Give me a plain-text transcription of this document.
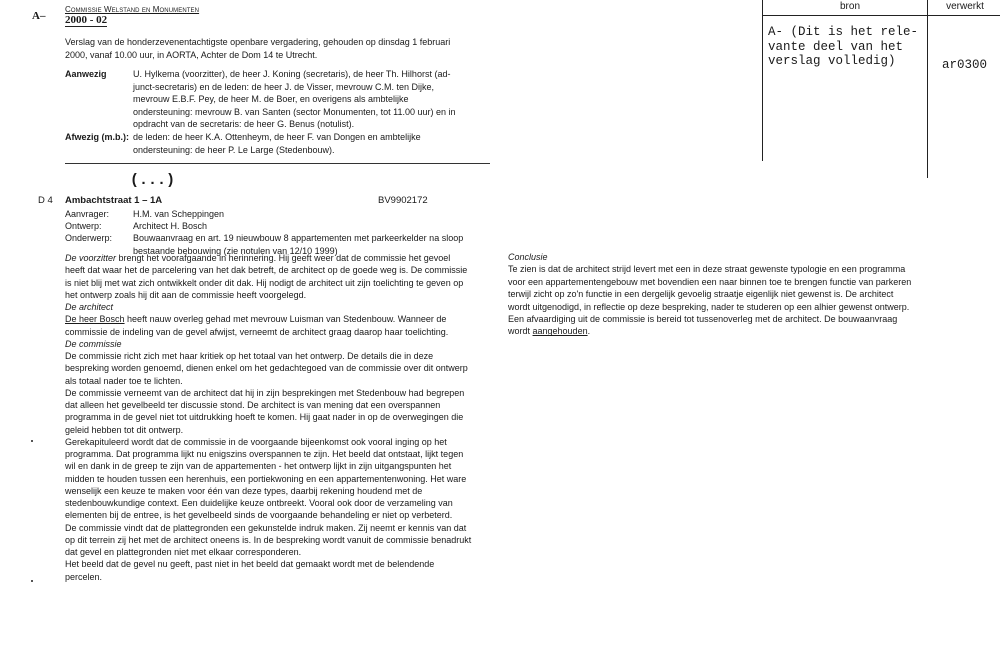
A–
Commissie Welstand en Monumenten
2000 - 02
Verslag van de honderzevenentachtigste openbare vergadering, gehouden op dinsdag 1 februari
2000, vanaf 10.00 uur, in AORTA, Achter de Dom 14 te Utrecht.
Aanwezig	U. Hylkema (voorzitter), de heer J. Koning (secretaris), de heer Th. Hilhorst (ad-
junct-secretaris) en de leden: de heer J. de Visser, mevrouw C.M. ten Dijke,
mevrouw E.B.F. Pey, de heer M. de Boer, en overigens als ambtelijke
ondersteuning: mevrouw B. van Santen (sector Monumenten, tot 11.00 uur) en in
opdracht van de secretaris: de heer G. Benus (notulist).
Afwezig (m.b.): de leden: de heer K.A. Ottenheym, de heer F. van Dongen en ambtelijke
ondersteuning: de heer P. Le Large (Stedenbouw).
(...)
D 4 Ambachtstraat 1 – 1A	BV9902172
Aanvrager:	H.M. van Scheppingen
Ontwerp:	Architect H. Bosch
Onderwerp: Bouwaanvraag en art. 19 nieuwbouw 8 appartementen met parkeerkelder na sloop
bestaande bebouwing (zie notulen van 12/10 1999)
De voorzitter brengt het voorafgaande in herinnering. Hij geeft weer dat de commissie het gevoel
heeft dat waar het de parcelering van het dak betreft, de architect op de goede weg is. De commissie
is niet blij met wat zich ontwikkelt onder dit dak. Hij nodigt de architect uit zijn toelichting te geven op
het ontwerp zoals hij dit aan de commissie heeft voorgelegd.
De architect
De heer Bosch heeft nauw overleg gehad met mevrouw Luisman van Stedenbouw. Wanneer de
commissie de indeling van de gevel afwijst, verneemt de architect graag daarop haar toelichting.
De commissie
De commissie richt zich met haar kritiek op het totaal van het ontwerp. De details die in deze
bespreking worden genoemd, dienen enkel om het gedachtegoed van de commissie over dit ontwerp
als totaal nader toe te lichten.
De commissie verneemt van de architect dat hij in zijn besprekingen met Stedenbouw had begrepen
dat alleen het gevelbeeld ter discussie stond. De architect is van mening dat een overspannen
programma in de gevel niet tot uitdrukking hoeft te komen. Hij gaat nader in op de overwegingen die
geleid hebben tot dit ontwerp.
Gerekapituleerd wordt dat de commissie in de voorgaande bijeenkomst ook vooral inging op het
programma. Dat programma lijkt nu enigszins overspannen te zijn. Het beeld dat ontstaat, lijkt tegen
wil en dank in de greep te zijn van de appartementen - het ontwerp lijkt in zijn uitgangspunten het
midden te houden tussen een herenhuis, een portiekwoning en een appartementenwoning. Het ware
wenselijk een keuze te maken voor één van deze types, daarbij rekening houdend met de
stedenbouwkundige context. Een duidelijke keuze ontbreekt. Vooral ook door de verzameling van
elementen bij de entree, is het gevelbeeld sinds de voorgaande behandeling er niet op verbeterd.
De commissie vindt dat de plattegronden een gekunstelde indruk maken. Zij neemt er kennis van dat
op dit terrein zij het met de architect oneens is. In de bespreking wordt vanuit de commissie benadrukt
dat gevel en plattegronden niet met elkaar corresponderen.
Het beeld dat de gevel nu geeft, past niet in het beeld dat gemaakt wordt met de belendende
percelen.
Conclusie
Te zien is dat de architect strijd levert met een in deze straat gewenste typologie en een programma
voor een appartementengebouw met bovendien een naar binnen toe te brengen functie van parkeren
terwijl zicht op zo'n functie in een dergelijk gevoelig straatje eigenlijk niet gewenst is. De architect
wordt uitgenodigd, in reflectie op deze bespreking, nader te studeren op een alhier gewenst ontwerp.
Een afvaardiging uit de commissie is bereid tot tussenoverleg met de architect. De bouwaanvraag
wordt aangehouden.
bron	verwerkt
A- (Dit is het rele-
vante deel van het
verslag volledig)	ar0300
